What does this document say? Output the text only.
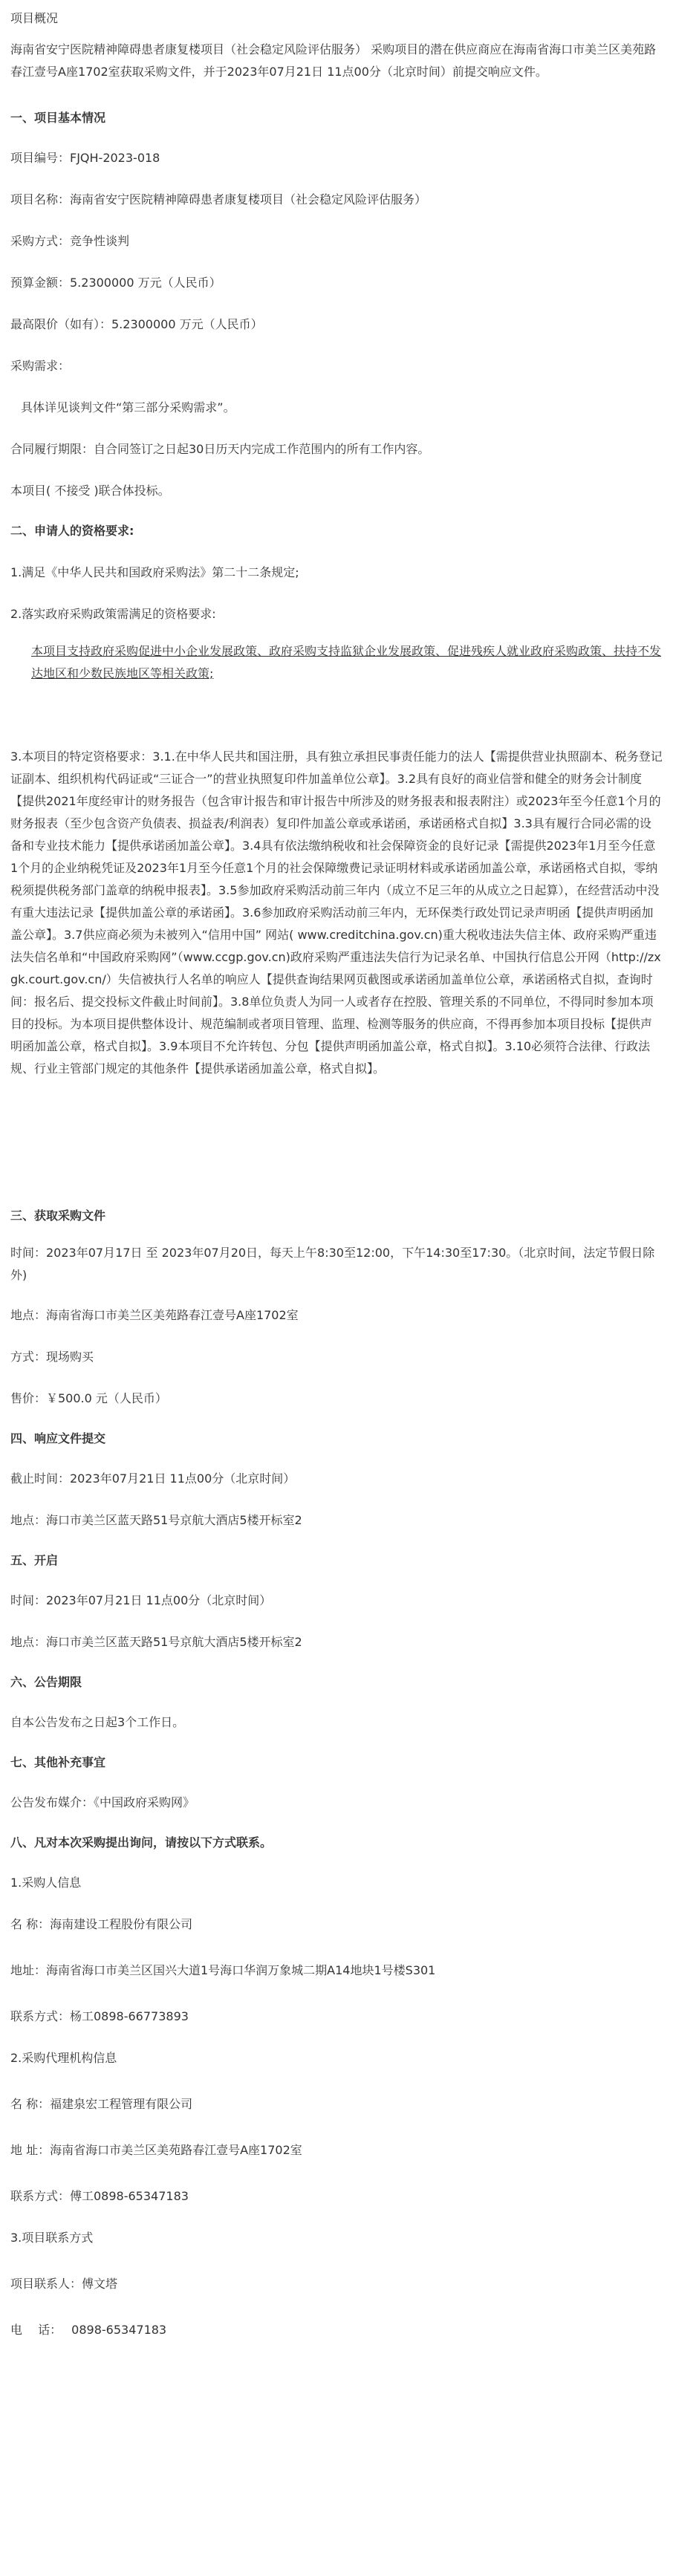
项目概况
海南省安宁医院精神障碍患者康复楼项目（社会稳定风险评估服务） 采购项目的潜在供应商应在海南省海口市美兰区美苑路春江壹号A座1702室获取采购文件，并于2023年07月21日 11点00分（北京时间）前提交响应文件。
一、项目基本情况
项目编号：FJQH-2023-018
项目名称：海南省安宁医院精神障碍患者康复楼项目（社会稳定风险评估服务）
采购方式：竞争性谈判
预算金额：5.2300000 万元（人民币）
最高限价（如有）：5.2300000 万元（人民币）
采购需求：
具体详见谈判文件“第三部分采购需求”。
合同履行期限：自合同签订之日起30日历天内完成工作范围内的所有工作内容。
本项目( 不接受 )联合体投标。
二、申请人的资格要求:
1.满足《中华人民共和国政府采购法》第二十二条规定;
2.落实政府采购政策需满足的资格要求:
本项目支持政府采购促进中小企业发展政策、政府采购支持监狱企业发展政策、促进残疾人就业政府采购政策、扶持不发达地区和少数民族地区等相关政策;
3.本项目的特定资格要求：3.1.在中华人民共和国注册，具有独立承担民事责任能力的法人【需提供营业执照副本、税务登记证副本、组织机构代码证或“三证合一”的营业执照复印件加盖单位公章】。3.2具有良好的商业信誉和健全的财务会计制度【提供2021年度经审计的财务报告（包含审计报告和审计报告中所涉及的财务报表和报表附注）或2023年至今任意1个月的财务报表（至少包含资产负债表、损益表/利润表）复印件加盖公章或承诺函，承诺函格式自拟】3.3具有履行合同必需的设备和专业技术能力【提供承诺函加盖公章】。3.4具有依法缴纳税收和社会保障资金的良好记录【需提供2023年1月至今任意1个月的企业纳税凭证及2023年1月至今任意1个月的社会保障缴费记录证明材料或承诺函加盖公章，承诺函格式自拟，零纳税须提供税务部门盖章的纳税申报表】。3.5参加政府采购活动前三年内（成立不足三年的从成立之日起算），在经营活动中没有重大违法记录【提供加盖公章的承诺函】。3.6参加政府采购活动前三年内，无环保类行政处罚记录声明函【提供声明函加盖公章】。3.7供应商必须为未被列入“信用中国” 网站( www.creditchina.gov.cn)重大税收违法失信主体、政府采购严重违法失信名单和“中国政府采购网”（www.ccgp.gov.cn)政府采购严重违法失信行为记录名单、中国执行信息公开网（http://zxgk.court.gov.cn/）失信被执行人名单的响应人【提供查询结果网页截图或承诺函加盖单位公章，承诺函格式自拟，查询时间：报名后、提交投标文件截止时间前】。3.8单位负责人为同一人或者存在控股、管理关系的不同单位，不得同时参加本项目的投标。为本项目提供整体设计、规范编制或者项目管理、监理、检测等服务的供应商，不得再参加本项目投标【提供声明函加盖公章，格式自拟】。3.9本项目不允许转包、分包【提供声明函加盖公章，格式自拟】。3.10必须符合法律、行政法规、行业主管部门规定的其他条件【提供承诺函加盖公章，格式自拟】。
三、获取采购文件
时间：2023年07月17日 至 2023年07月20日，每天上午8:30至12:00，下午14:30至17:30。（北京时间，法定节假日除外)
地点：海南省海口市美兰区美苑路春江壹号A座1702室
方式：现场购买
售价：￥500.0 元（人民币）
四、响应文件提交
截止时间：2023年07月21日 11点00分（北京时间）
地点：海口市美兰区蓝天路51号京航大酒店5楼开标室2
五、开启
时间：2023年07月21日 11点00分（北京时间）
地点：海口市美兰区蓝天路51号京航大酒店5楼开标室2
六、公告期限
自本公告发布之日起3个工作日。
七、其他补充事宜
公告发布媒介：《中国政府采购网》
八、凡对本次采购提出询问，请按以下方式联系。
1.采购人信息
名 称：海南建设工程股份有限公司
地址：海南省海口市美兰区国兴大道1号海口华润万象城二期A14地块1号楼S301
联系方式：杨工0898-66773893
2.采购代理机构信息
名 称：福建泉宏工程管理有限公司
地 址：海南省海口市美兰区美苑路春江壹号A座1702室
联系方式：傅工0898-65347183
3.项目联系方式
项目联系人：傅文塔
电　 话：　 0898-65347183
